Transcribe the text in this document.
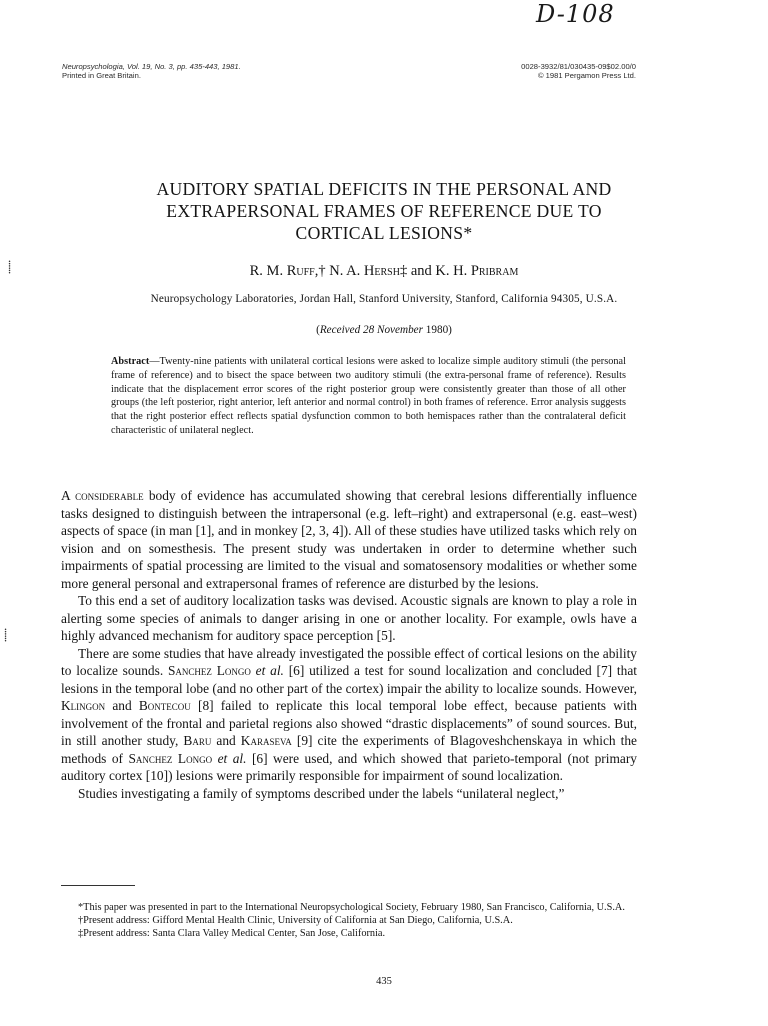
D-108
⸽
⸽
Neuropsychologia, Vol. 19, No. 3, pp. 435-443, 1981.
Printed in Great Britain.
0028-3932/81/030435-09$02.00/0
© 1981 Pergamon Press Ltd.
AUDITORY SPATIAL DEFICITS IN THE PERSONAL AND
EXTRAPERSONAL FRAMES OF REFERENCE DUE TO
CORTICAL LESIONS*
R. M. Ruff,† N. A. Hersh‡ and K. H. Pribram
Neuropsychology Laboratories, Jordan Hall, Stanford University, Stanford, California 94305, U.S.A.
(Received 28 November 1980)
Abstract—Twenty-nine patients with unilateral cortical lesions were asked to localize simple auditory stimuli (the personal frame of reference) and to bisect the space between two auditory stimuli (the extra-personal frame of reference). Results indicate that the displacement error scores of the right posterior group were consistently greater than those of all other groups (the left posterior, right anterior, left anterior and normal control) in both frames of reference. Error analysis suggests that the right posterior effect reflects spatial dysfunction common to both hemispaces rather than the contralateral deficit characteristic of unilateral neglect.

A considerable body of evidence has accumulated showing that cerebral lesions differentially influence tasks designed to distinguish between the intrapersonal (e.g. left–right) and extrapersonal (e.g. east–west) aspects of space (in man [1], and in monkey [2, 3, 4]). All of these studies have utilized tasks which rely on vision and on somesthesis. The present study was undertaken in order to determine whether such impairments of spatial processing are limited to the visual and somatosensory modalities or whether some more general personal and extrapersonal frames of reference are disturbed by the lesions.

To this end a set of auditory localization tasks was devised. Acoustic signals are known to play a role in alerting some species of animals to danger arising in one or another locality. For example, owls have a highly advanced mechanism for auditory space perception [5].

There are some studies that have already investigated the possible effect of cortical lesions on the ability to localize sounds. Sanchez Longo et al. [6] utilized a test for sound localization and concluded [7] that lesions in the temporal lobe (and no other part of the cortex) impair the ability to localize sounds. However, Klingon and Bontecou [8] failed to replicate this local temporal lobe effect, because patients with involvement of the frontal and parietal regions also showed “drastic displacements” of sound sources. But, in still another study, Baru and Karaseva [9] cite the experiments of Blagoveshchenskaya in which the methods of Sanchez Longo et al. [6] were used, and which showed that parieto-temporal (not primary auditory cortex [10]) lesions were primarily responsible for impairment of sound localization.

Studies investigating a family of symptoms described under the labels “unilateral neglect,”

*This paper was presented in part to the International Neuropsychological Society, February 1980, San Francisco, California, U.S.A.

†Present address: Gifford Mental Health Clinic, University of California at San Diego, California, U.S.A.

‡Present address: Santa Clara Valley Medical Center, San Jose, California.

435
